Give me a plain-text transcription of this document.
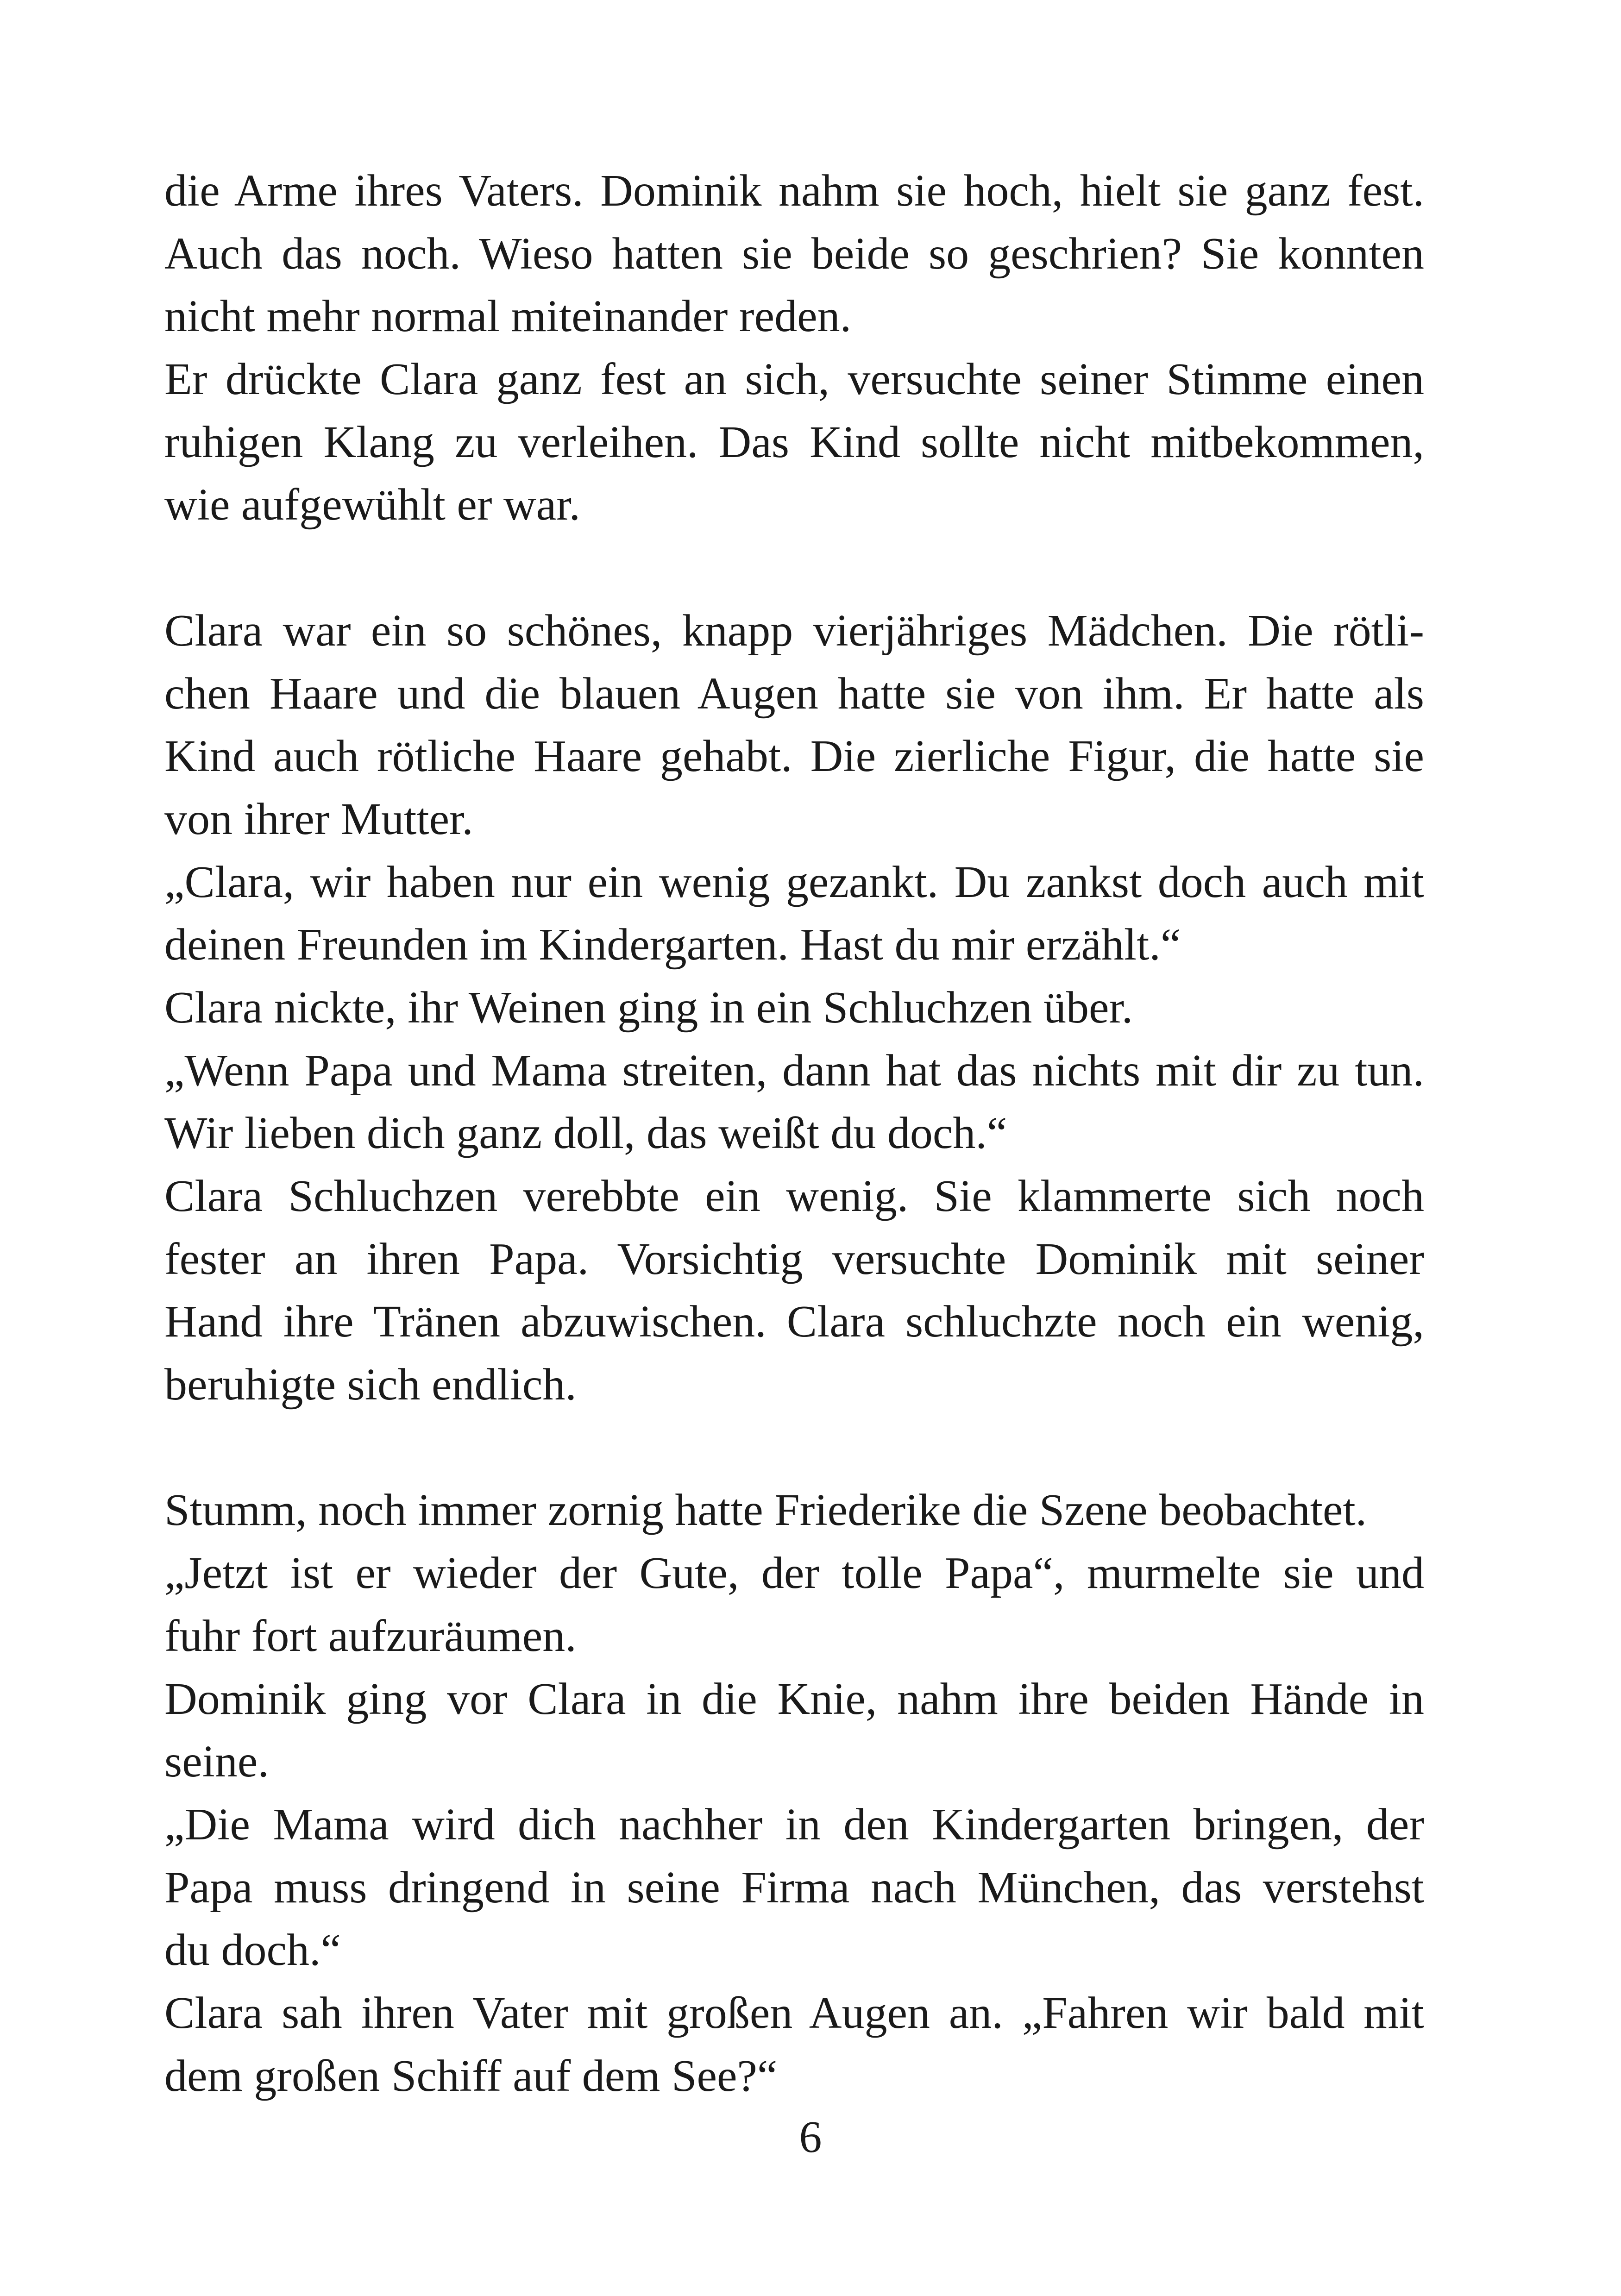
die Arme ihres Vaters. Dominik nahm sie hoch, hielt sie ganz fest.
Auch das noch. Wieso hatten sie beide so geschrien? Sie konnten
nicht mehr normal miteinander reden.
Er drückte Clara ganz fest an sich, versuchte seiner Stimme einen
ruhigen Klang zu verleihen. Das Kind sollte nicht mitbekommen,
wie aufgewühlt er war.
Clara war ein so schönes, knapp vierjähriges Mädchen. Die rötli-
chen Haare und die blauen Augen hatte sie von ihm. Er hatte als
Kind auch rötliche Haare gehabt. Die zierliche Figur, die hatte sie
von ihrer Mutter.
„Clara, wir haben nur ein wenig gezankt. Du zankst doch auch mit
deinen Freunden im Kindergarten. Hast du mir erzählt.“
Clara nickte, ihr Weinen ging in ein Schluchzen über.
„Wenn Papa und Mama streiten, dann hat das nichts mit dir zu tun.
Wir lieben dich ganz doll, das weißt du doch.“
Clara Schluchzen verebbte ein wenig. Sie klammerte sich noch
fester an ihren Papa. Vorsichtig versuchte Dominik mit seiner
Hand ihre Tränen abzuwischen. Clara schluchzte noch ein wenig,
beruhigte sich endlich.
Stumm, noch immer zornig hatte Friederike die Szene beobachtet.
„Jetzt ist er wieder der Gute, der tolle Papa“, murmelte sie und
fuhr fort aufzuräumen.
Dominik ging vor Clara in die Knie, nahm ihre beiden Hände in
seine.
„Die Mama wird dich nachher in den Kindergarten bringen, der
Papa muss dringend in seine Firma nach München, das verstehst
du doch.“
Clara sah ihren Vater mit großen Augen an. „Fahren wir bald mit
dem großen Schiff auf dem See?“
6
